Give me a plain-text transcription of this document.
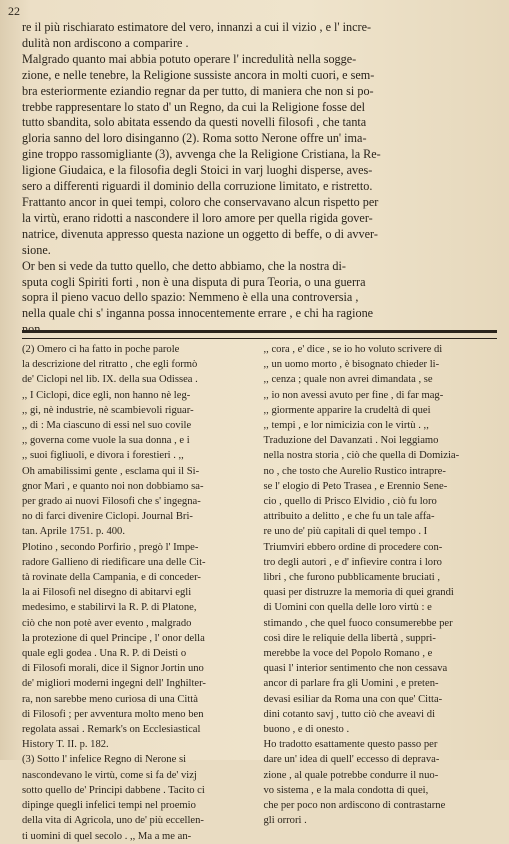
22
re il più rischiarato estimatore del vero, innanzi a cui il vizio , e l' incre-
dulità non ardiscono a comparire .
Malgrado quanto mai abbia potuto operare l' incredulità nella sogge-
zione, e nelle tenebre, la Religione sussiste ancora in molti cuori, e sem-
bra esteriormente eziandio regnar da per tutto, di maniera che non si po-
trebbe rappresentare lo stato d' un Regno, da cui la Religione fosse del
tutto sbandita, solo abitata essendo da questi novelli filosofi , che tanta
gloria sanno del loro disinganno (2). Roma sotto Nerone offre un' ima-
gine troppo rassomigliante (3), avvenga che la Religione Cristiana, la Re-
ligione Giudaica, e la filosofia degli Stoici in varj luoghi disperse, aves-
sero a differenti riguardi il dominio della corruzione limitato, e ristretto.
Frattanto ancor in quei tempi, coloro che conservavano alcun rispetto per
la virtù, erano ridotti a nascondere il loro amore per quella rigida gover-
natrice, divenuta appresso questa nazione un oggetto di beffe, o di avver-
sione.
Or ben si vede da tutto quello, che detto abbiamo, che la nostra di-
sputa cogli Spiriti forti , non è una disputa di pura Teoria, o una guerra
sopra il pieno vacuo dello spazio: Nemmeno è ella una controversia ,
nella quale chi s' inganna possa innocentemente errare , e chi ha ragione
non
(2) Omero ci ha fatto in poche parole
la descrizione del ritratto , che egli formò
de' Ciclopi nel lib. IX. della sua Odissea .
,, I Ciclopi, dice egli, non hanno nè leg-
,, gi, nè industrie, nè scambievoli riguar-
,, di : Ma ciascuno di essi nel suo covile
,, governa come vuole la sua donna , e i
,, suoi figliuoli, e divora i forestieri . ,,
Oh amabilissimi gente , esclama qui il Si-
gnor Mari , e quanto noi non dobbiamo sa-
per grado ai nuovi Filosofi che s' ingegna-
no di farci divenire Ciclopi. Journal Bri-
tan. Aprile 1751. p. 400.
Plotino , secondo Porfirio , pregò l' Impe-
radore Gallieno di riedificare una delle Cit-
tà rovinate della Campania, e di conceder-
la ai Filosofi nel disegno di abitarvi egli
medesimo, e stabilirvi la R. P. di Platone,
ciò che non potè aver evento , malgrado
la protezione di quel Principe , l' onor della
quale egli godea . Una R. P. di Deisti o
di Filosofi morali, dice il Signor Jortin uno
de' migliori moderni ingegni dell' Inghilter-
ra, non sarebbe meno curiosa di una Città
di Filosofi ; per avventura molto meno ben
regolata assai . Remark's on Ecclesiastical
History T. II. p. 182.
(3) Sotto l' infelice Regno di Nerone si
nascondevano le virtù, come si fa de' vizj
sotto quello de' Principi dabbene . Tacito ci
dipinge quegli infelici tempi nel proemio
della vita di Agricola, uno de' più eccellen-
ti uomini di quel secolo . ,, Ma a me an-
,, cora , e' dice , se io ho voluto scrivere di
,, un uomo morto , è bisognato chieder li-
,, cenza ; quale non avrei dimandata , se
,, io non avessi avuto per fine , di far mag-
,, giormente apparire la crudeltà di quei
,, tempi , e lor nimicizia con le virtù . ,,
Traduzione del Davanzati . Noi leggiamo
nella nostra storia , ciò che quella di Domizia-
no , che tosto che Aurelio Rustico intrapre-
se l' elogio di Peto Trasea , e Erennio Sene-
cio , quello di Prisco Elvidio , ciò fu loro
attribuito a delitto , e che fu un tale affa-
re uno de' più capitali di quel tempo . I
Triumviri ebbero ordine di procedere con-
tro degli autori , e d' infievire contra i loro
libri , che furono pubblicamente bruciati ,
quasi per distruzre la memoria di quei grandi
di Uomini con quella delle loro virtù : e
stimando , che quel fuoco consumerebbe per
così dire le reliquie della libertà , suppri-
merebbe la voce del Popolo Romano , e
quasi l' interior sentimento che non cessava
ancor di parlare fra gli Uomini , e preten-
devasi esiliar da Roma una con que' Citta-
dini cotanto savj , tutto ciò che aveavi di
buono , e di onesto .
Ho tradotto esattamente questo passo per
dare un' idea di quell' eccesso di deprava-
zione , al quale potrebbe condurre il nuo-
vo sistema , e la mala condotta di quei,
che per poco non ardiscono di contrastarne
gli orrori .
